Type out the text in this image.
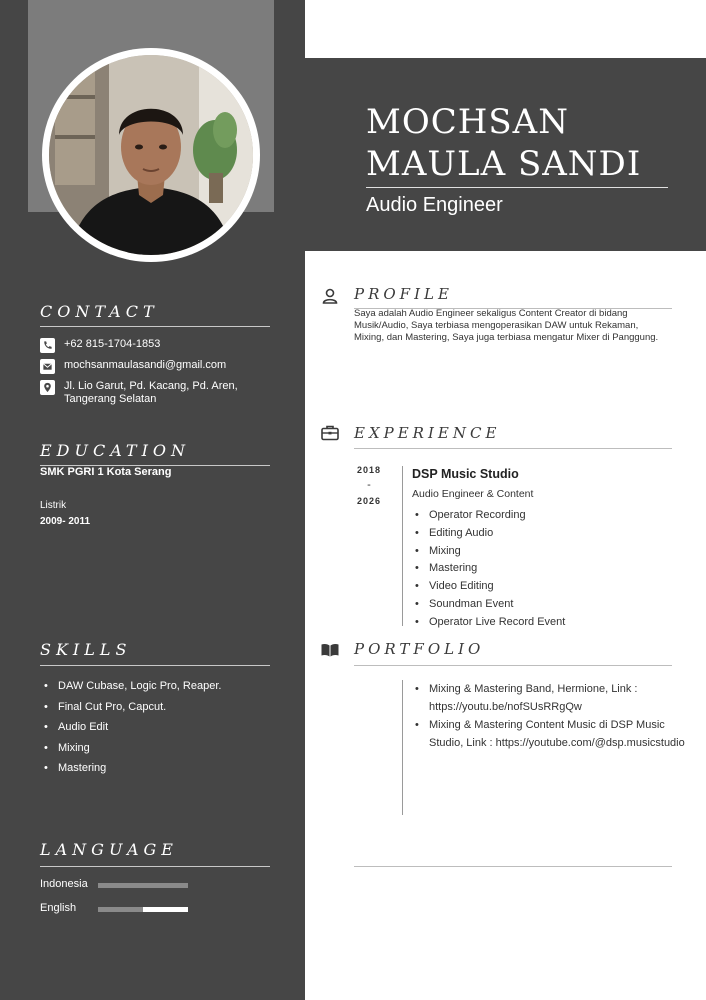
CONTACT
+62 815-1704-1853
mochsanmaulasandi@gmail.com
Jl. Lio Garut, Pd. Kacang, Pd. Aren, Tangerang Selatan
EDUCATION
SMK PGRI 1 Kota Serang
Listrik
2009- 2011
SKILLS
• DAW Cubase, Logic Pro, Reaper.
• Final Cut Pro, Capcut.
• Audio Edit
• Mixing
• Mastering
LANGUAGE
Indonesia
English
MOCHSAN
MAULA SANDI
Audio Engineer
PROFILE
Saya adalah Audio Engineer sekaligus Content Creator di bidang Musik/Audio, Saya terbiasa mengoperasikan DAW untuk Rekaman, Mixing, dan Mastering, Saya juga terbiasa mengatur Mixer di Panggung.
EXPERIENCE
2018
-
2026
DSP Music Studio
Audio Engineer & Content
• Operator Recording
• Editing Audio
• Mixing
• Mastering
• Video Editing
• Soundman Event
• Operator Live Record Event
PORTFOLIO
• Mixing & Mastering Band, Hermione, Link : https://youtu.be/nofSUsRRgQw
• Mixing & Mastering Content Music di DSP Music Studio, Link : https://youtube.com/@dsp.musicstudio
